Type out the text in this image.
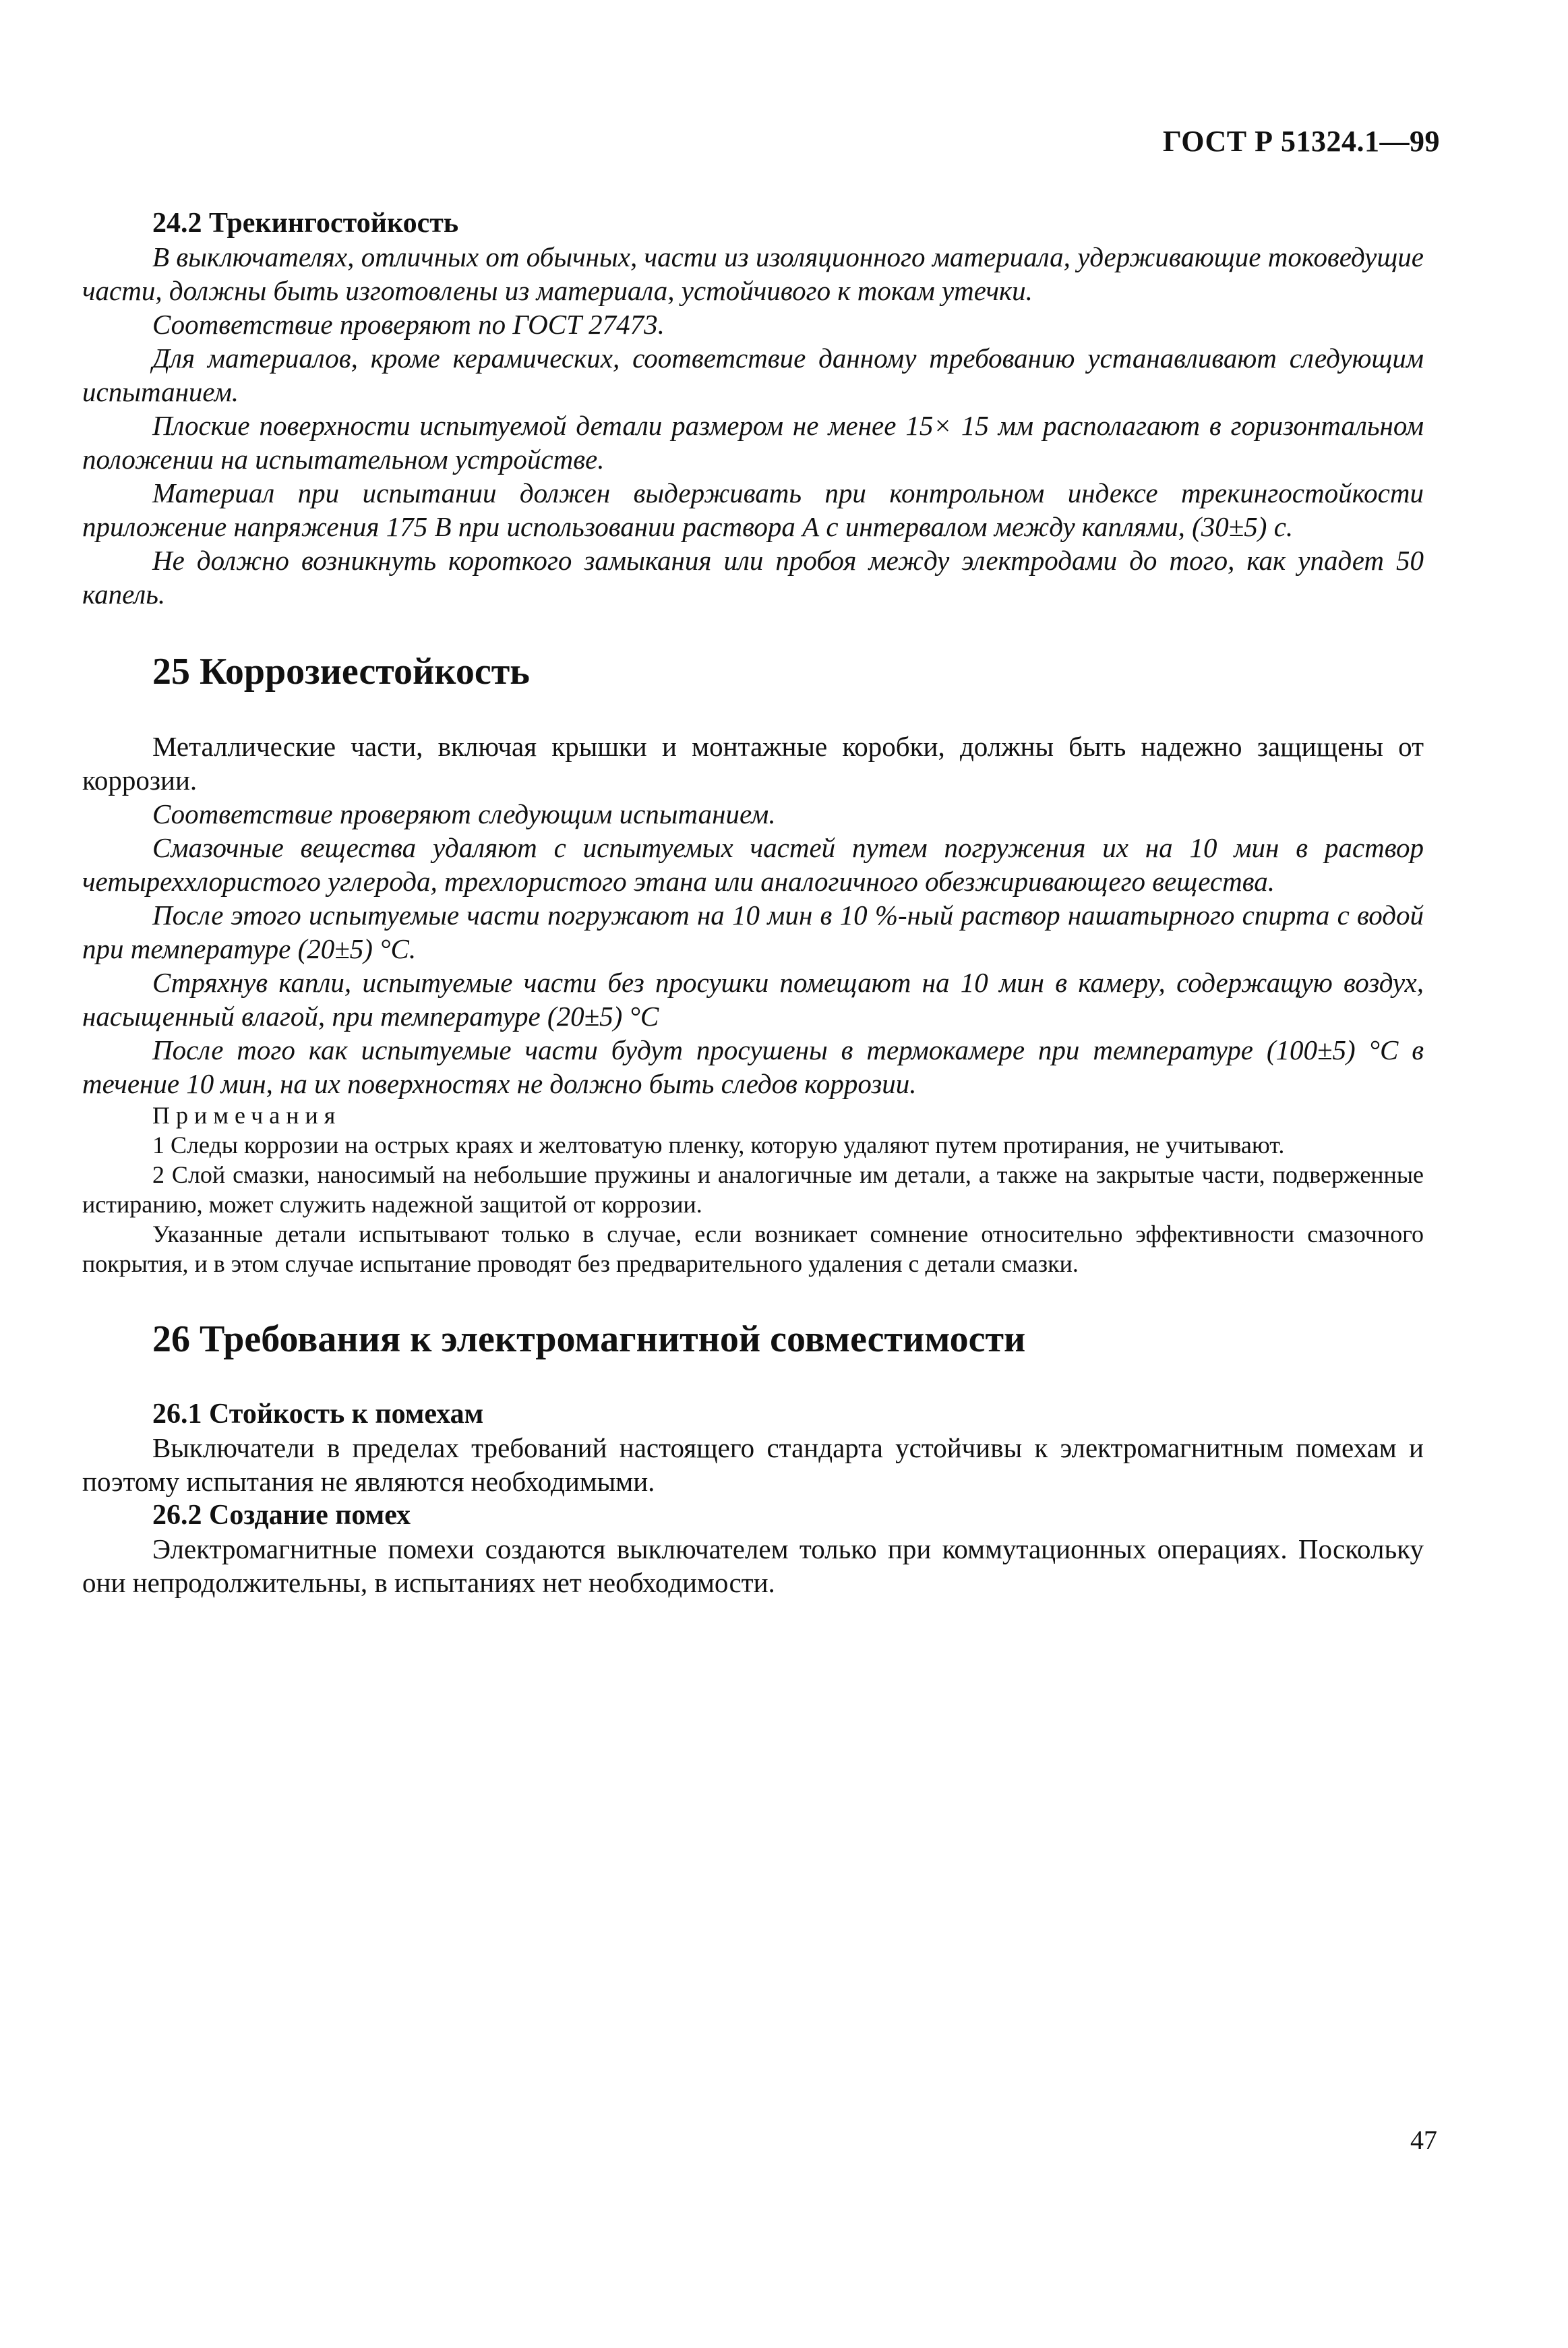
ГОСТ Р 51324.1—99

24.2 Трекингостойкость

В выключателях, отличных от обычных, части из изоляционного материала, удерживающие токоведущие части, должны быть изготовлены из материала, устойчивого к токам утечки.

Соответствие проверяют по ГОСТ 27473.

Для материалов, кроме керамических, соответствие данному требованию устанавливают следующим испытанием.

Плоские поверхности испытуемой детали размером не менее 15× 15 мм располагают в горизонтальном положении на испытательном устройстве.

Материал при испытании должен выдерживать при контрольном индексе трекингостойкости приложение напряжения 175 В при использовании раствора А с интервалом между каплями, (30±5) с.

Не должно возникнуть короткого замыкания или пробоя между электродами до того, как упадет 50 капель.

25 Коррозиестойкость

Металлические части, включая крышки и монтажные коробки, должны быть надежно защищены от коррозии.

Соответствие проверяют следующим испытанием.

Смазочные вещества удаляют с испытуемых частей путем погружения их на 10 мин в раствор четыреххлористого углерода, трехлористого этана или аналогичного обезжиривающего вещества.

После этого испытуемые части погружают на 10 мин в 10 %-ный раствор нашатырного спирта с водой при температуре (20±5) °С.

Стряхнув капли, испытуемые части без просушки помещают на 10 мин в камеру, содержащую воздух, насыщенный влагой, при температуре (20±5) °С

После того как испытуемые части будут просушены в термокамере при температуре (100±5) °С в течение 10 мин, на их поверхностях не должно быть следов коррозии.

Примечания

1 Следы коррозии на острых краях и желтоватую пленку, которую удаляют путем протирания, не учитывают.

2 Слой смазки, наносимый на небольшие пружины и аналогичные им детали, а также на закрытые части, подверженные истиранию, может служить надежной защитой от коррозии.

Указанные детали испытывают только в случае, если возникает сомнение относительно эффективности смазочного покрытия, и в этом случае испытание проводят без предварительного удаления с детали смазки.

26 Требования к электромагнитной совместимости

26.1 Стойкость к помехам

Выключатели в пределах требований настоящего стандарта устойчивы к электромагнитным помехам и поэтому испытания не являются необходимыми.

26.2 Создание помех

Электромагнитные помехи создаются выключателем только при коммутационных операциях. Поскольку они непродолжительны, в испытаниях нет необходимости.

47
